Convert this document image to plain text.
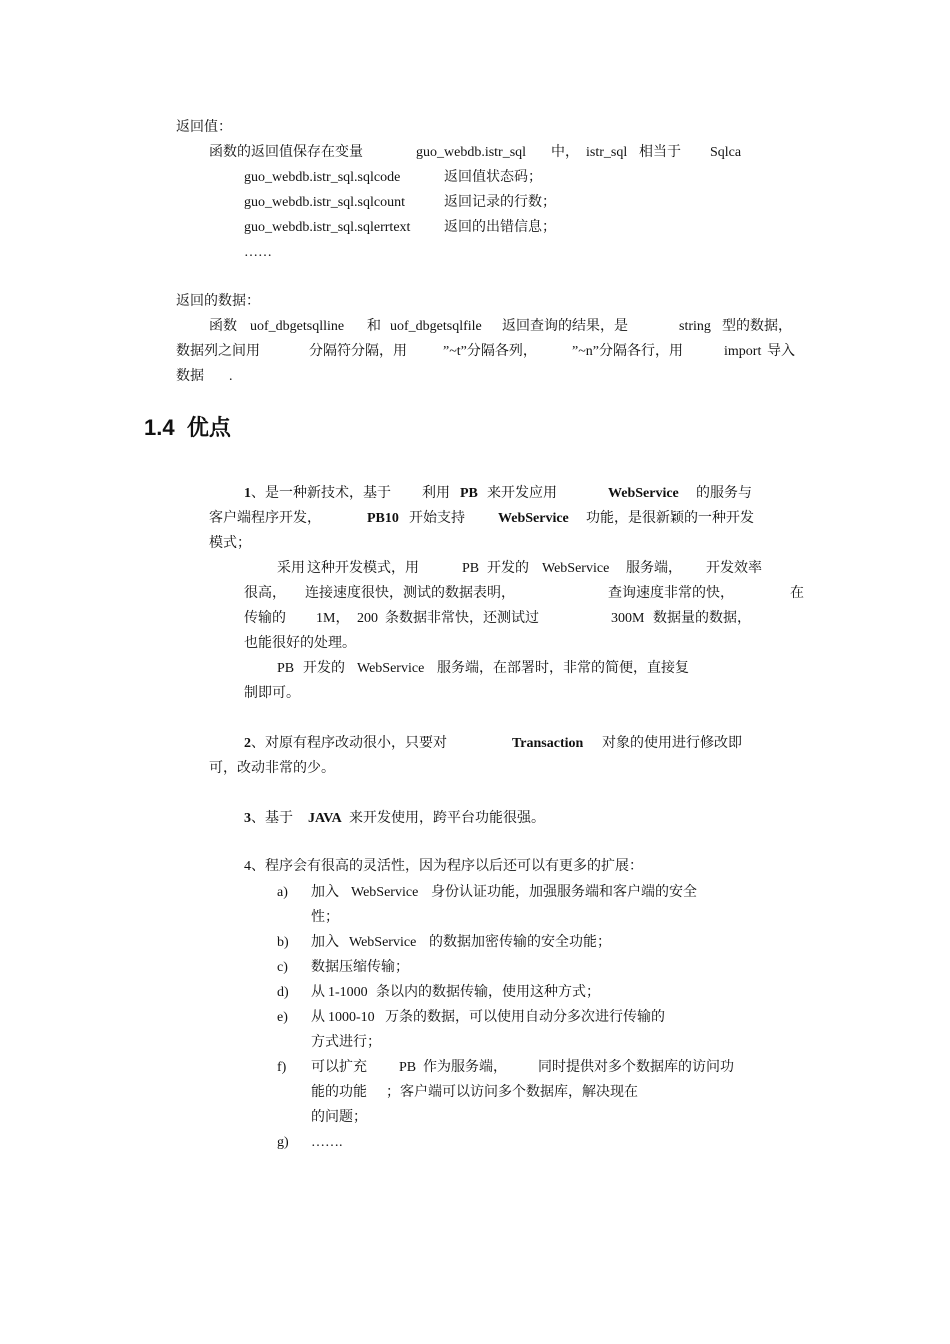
返回值：
函数的返回值保存在变量	guo_webdb.istr_sql 中， istr_sql 相当于 Sqlca
guo_webdb.istr_sql.sqlcode	返回值状态码；
guo_webdb.istr_sql.sqlcount	返回记录的行数；
guo_webdb.istr_sql.sqlerrtext 返回的出错信息；
……
返回的数据：
函数 uof_dbgetsqlline 和 uof_dbgetsqlfile 返回查询的结果，是	string 型的数据，
数据列之间用	分隔符分隔，用	”~t”分隔各列，	”~n”分隔各行，用	import 导入
数据 .
1.4 优点
1、是一种新技术，基于 利用 PB 来开发应用	WebService 的服务与
客户端程序开发，	PB10 开始支持 WebService 功能，是很新颖的一种开发
模式；
采用 这种开发模式，用	PB 开发的 WebService 服务端， 开发效率
很高， 连接速度很快，测试的数据表明，	查询速度非常的快，	在
传输的 1M， 200 条数据非常快，还测试过	300M 数据量的数据，
也能很好的处理。
PB 开发的 WebService 服务端，在部署时，非常的简便，直接复
制即可。
2、对原有程序改动很小，只要对	Transaction 对象的使用进行修改即
可，改动非常的少。
3、基于 JAVA 来开发使用，跨平台功能很强。
4、程序会有很高的灵活性，因为程序以后还可以有更多的扩展：
a) 加入 WebService 身份认证功能，加强服务端和客户端的安全
性；
b) 加入 WebService 的数据加密传输的安全功能；
c) 数据压缩传输；
d) 从 1-1000 条以内的数据传输，使用这种方式；
e) 从 1000-10 万条的数据，可以使用自动分多次进行传输的
方式进行；
f) 可以扩充 PB 作为服务端， 同时提供对多个数据库的访问功
能的功能 ；客户端可以访问多个数据库，解决现在
的问题；
g) …….
